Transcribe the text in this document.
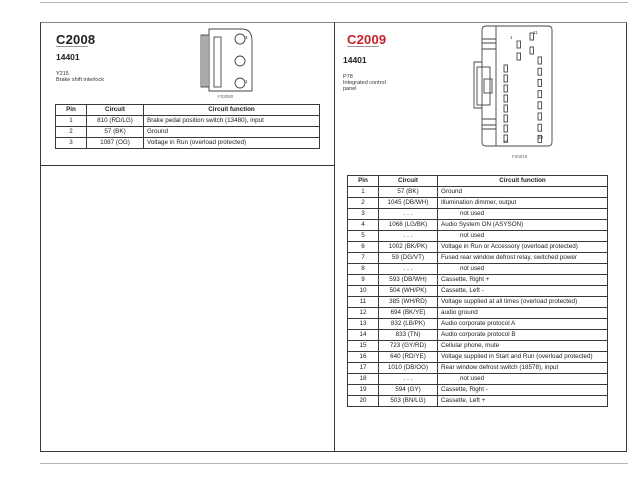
C2008
14401
Y215
Brake shift interlock
3
1
F03080
Pin	Circuit	Circuit function
1	810 (RD/LG)	Brake pedal position switch (13480), input
2	57 (BK)	Ground
3	1087 (OG)	Voltage in Run (overload protected)
C2009
14401
P78
Integrated control
panel
1
11
10
20
F20019
Pin	Circuit	Circuit function
1	57 (BK)	Ground
2	1045 (DB/WH)	Illumination dimmer, output
3	. . .	not used
4	1068 (LG/BK)	Audio System ON (ASYSON)
5	. . .	not used
6	1002 (BK/PK)	Voltage in Run or Accessory (overload protected)
7	59 (DG/VT)	Fused rear window defrost relay, switched power
8	. . .	not used
9	593 (DB/WH)	Cassette, Right +
10	504 (WH/PK)	Cassette, Left -
11	385 (WH/RD)	Voltage supplied at all times (overload protected)
12	694 (BK/YE)	audio ground
13	832 (LB/PK)	Audio corporate protocol A
14	833 (TN)	Audio corporate protocol B
15	723 (GY/RD)	Cellular phone, mute
16	640 (RD/YE)	Voltage supplied in Start and Run (overload protected)
17	1010 (DB/OG)	Rear window defrost switch (18578), input
18	. . .	not used
19	594 (GY)	Cassette, Right -
20	503 (BN/LG)	Cassette, Left +
